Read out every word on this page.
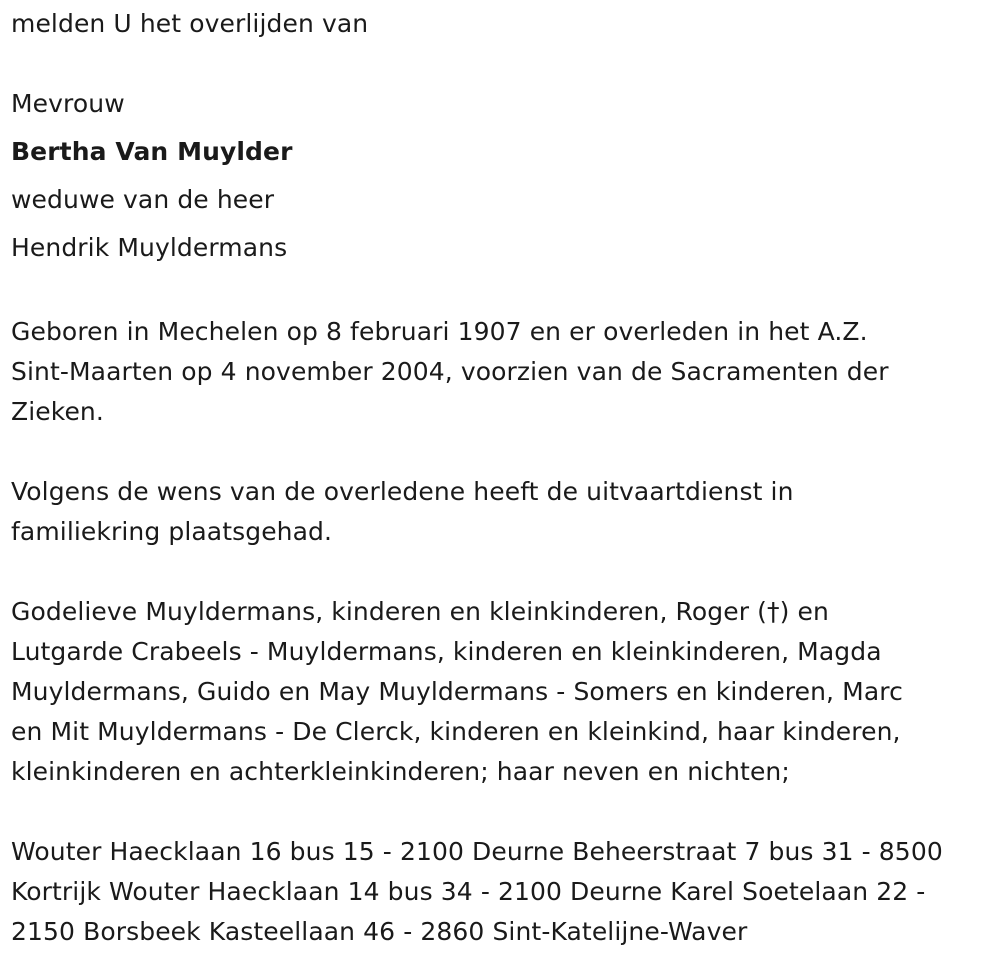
melden U het overlijden van
Mevrouw
Bertha Van Muylder
weduwe van de heer
Hendrik Muyldermans

Geboren in Mechelen op 8 februari 1907 en er overleden in het A.Z.
Sint-Maarten op 4 november 2004, voorzien van de Sacramenten der
Zieken.

Volgens de wens van de overledene heeft de uitvaartdienst in
familiekring plaatsgehad.

Godelieve Muyldermans, kinderen en kleinkinderen, Roger (†) en
Lutgarde Crabeels - Muyldermans, kinderen en kleinkinderen, Magda
Muyldermans, Guido en May Muyldermans - Somers en kinderen, Marc
en Mit Muyldermans - De Clerck, kinderen en kleinkind, haar kinderen,
kleinkinderen en achterkleinkinderen; haar neven en nichten;

Wouter Haecklaan 16 bus 15 - 2100 Deurne Beheerstraat 7 bus 31 - 8500
Kortrijk Wouter Haecklaan 14 bus 34 - 2100 Deurne Karel Soetelaan 22 -
2150 Borsbeek Kasteellaan 46 - 2860 Sint-Katelijne-Waver
